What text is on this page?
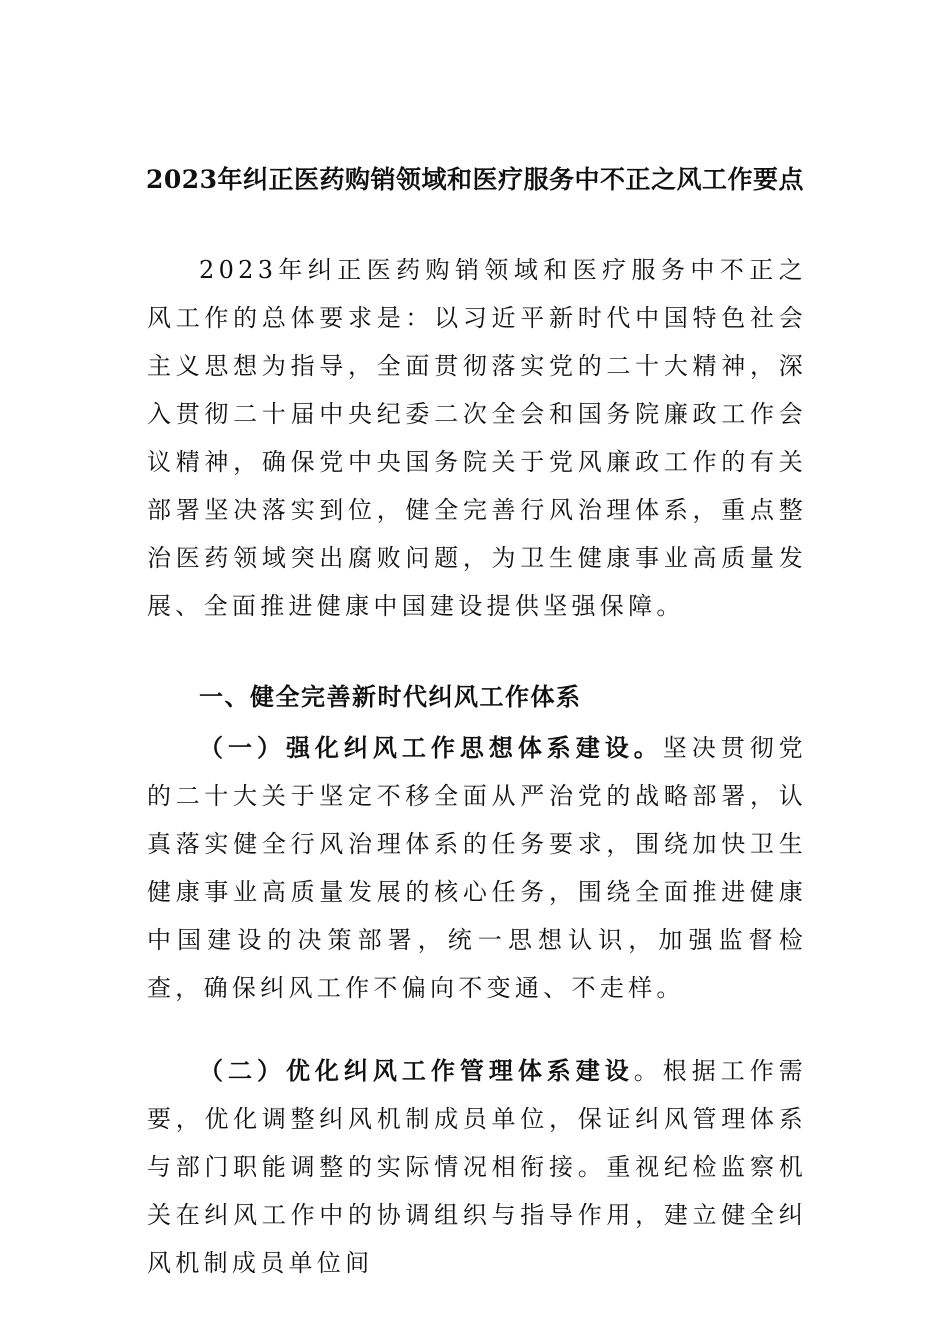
2023年纠正医药购销领域和医疗服务中不正之风工作要点

2023年纠正医药购销领域和医疗服务中不正之风工作的总体要求是：以习近平新时代中国特色社会主义思想为指导，全面贯彻落实党的二十大精神，深入贯彻二十届中央纪委二次全会和国务院廉政工作会议精神，确保党中央国务院关于党风廉政工作的有关部署坚决落实到位，健全完善行风治理体系，重点整治医药领域突出腐败问题，为卫生健康事业高质量发展、全面推进健康中国建设提供坚强保障。

一、健全完善新时代纠风工作体系

（一）强化纠风工作思想体系建设。坚决贯彻党的二十大关于坚定不移全面从严治党的战略部署，认真落实健全行风治理体系的任务要求，围绕加快卫生健康事业高质量发展的核心任务，围绕全面推进健康中国建设的决策部署，统一思想认识，加强监督检查，确保纠风工作不偏向不变通、不走样。

（二）优化纠风工作管理体系建设。根据工作需要，优化调整纠风机制成员单位，保证纠风管理体系与部门职能调整的实际情况相衔接。重视纪检监察机关在纠风工作中的协调组织与指导作用，建立健全纠风机制成员单位间
